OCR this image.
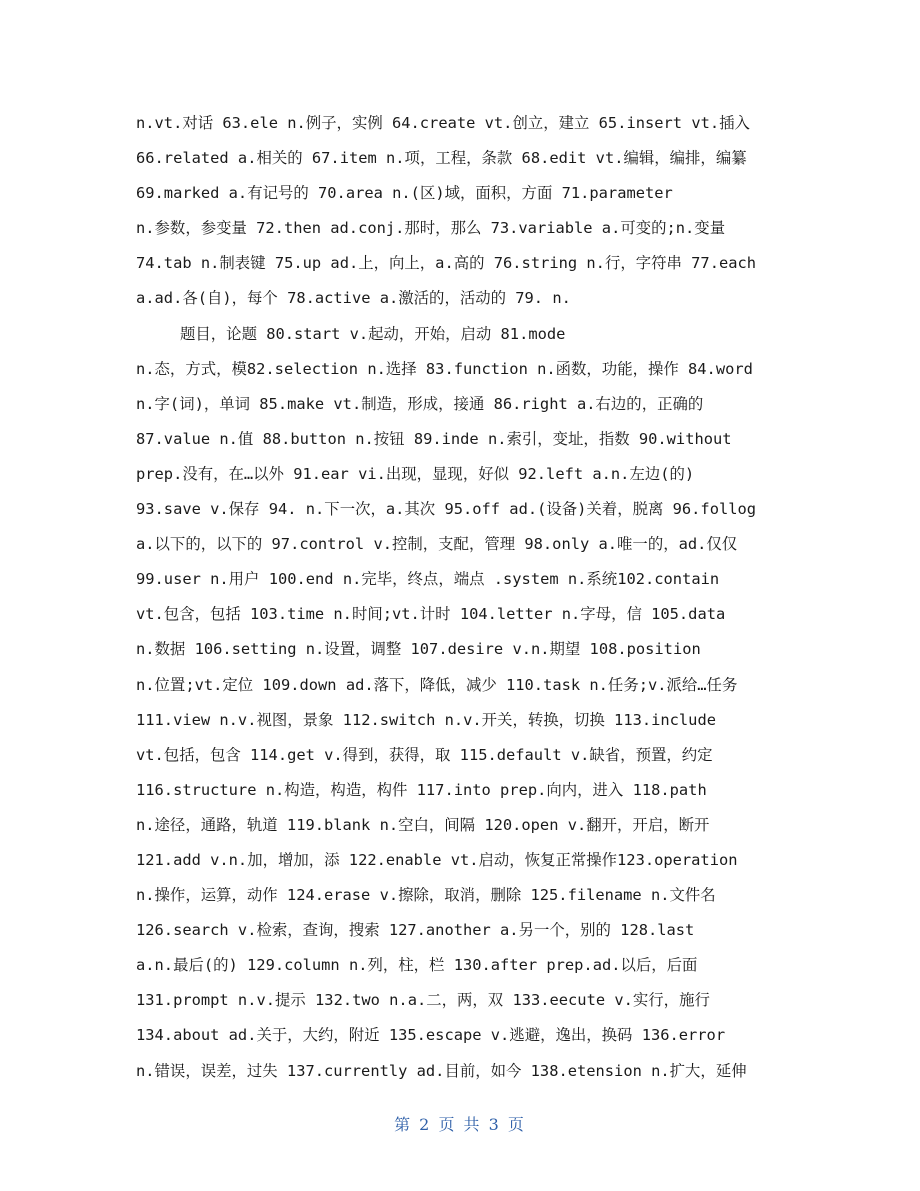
n.vt.对话 63.ele n.例子，实例 64.create vt.创立，建立 65.insert vt.插入
66.related a.相关的 67.item n.项，工程，条款 68.edit vt.编辑，编排，编纂
69.marked a.有记号的 70.area n.(区)域，面积，方面 71.parameter
n.参数，参变量 72.then ad.conj.那时，那么 73.variable a.可变的;n.变量
74.tab n.制表键 75.up ad.上，向上，a.高的 76.string n.行，字符串 77.each
a.ad.各(自)，每个 78.active a.激活的，活动的 79. n.
题目，论题 80.start v.起动，开始，启动 81.mode
n.态，方式，模82.selection n.选择 83.function n.函数，功能，操作 84.word
n.字(词)，单词 85.make vt.制造，形成，接通 86.right a.右边的，正确的
87.value n.值 88.button n.按钮 89.inde n.索引，变址，指数 90.without
prep.没有，在…以外 91.ear vi.出现，显现，好似 92.left a.n.左边(的)
93.save v.保存 94. n.下一次，a.其次 95.off ad.(设备)关着，脱离 96.follog
a.以下的，以下的 97.control v.控制，支配，管理 98.only a.唯一的，ad.仅仅
99.user n.用户 100.end n.完毕，终点，端点 .system n.系统102.contain
vt.包含，包括 103.time n.时间;vt.计时 104.letter n.字母，信 105.data
n.数据 106.setting n.设置，调整 107.desire v.n.期望 108.position
n.位置;vt.定位 109.down ad.落下，降低，减少 110.task n.任务;v.派给…任务
111.view n.v.视图，景象 112.switch n.v.开关，转换，切换 113.include
vt.包括，包含 114.get v.得到，获得，取 115.default v.缺省，预置，约定
116.structure n.构造，构造，构件 117.into prep.向内，进入 118.path
n.途径，通路，轨道 119.blank n.空白，间隔 120.open v.翻开，开启，断开
121.add v.n.加，增加，添 122.enable vt.启动，恢复正常操作123.operation
n.操作，运算，动作 124.erase v.擦除，取消，删除 125.filename n.文件名
126.search v.检索，查询，搜索 127.another a.另一个，别的 128.last
a.n.最后(的) 129.column n.列，柱，栏 130.after prep.ad.以后，后面
131.prompt n.v.提示 132.two n.a.二，两，双 133.eecute v.实行，施行
134.about ad.关于，大约，附近 135.escape v.逃避，逸出，换码 136.error
n.错误，误差，过失 137.currently ad.目前，如今 138.etension n.扩大，延伸
第 2 页 共 3 页
